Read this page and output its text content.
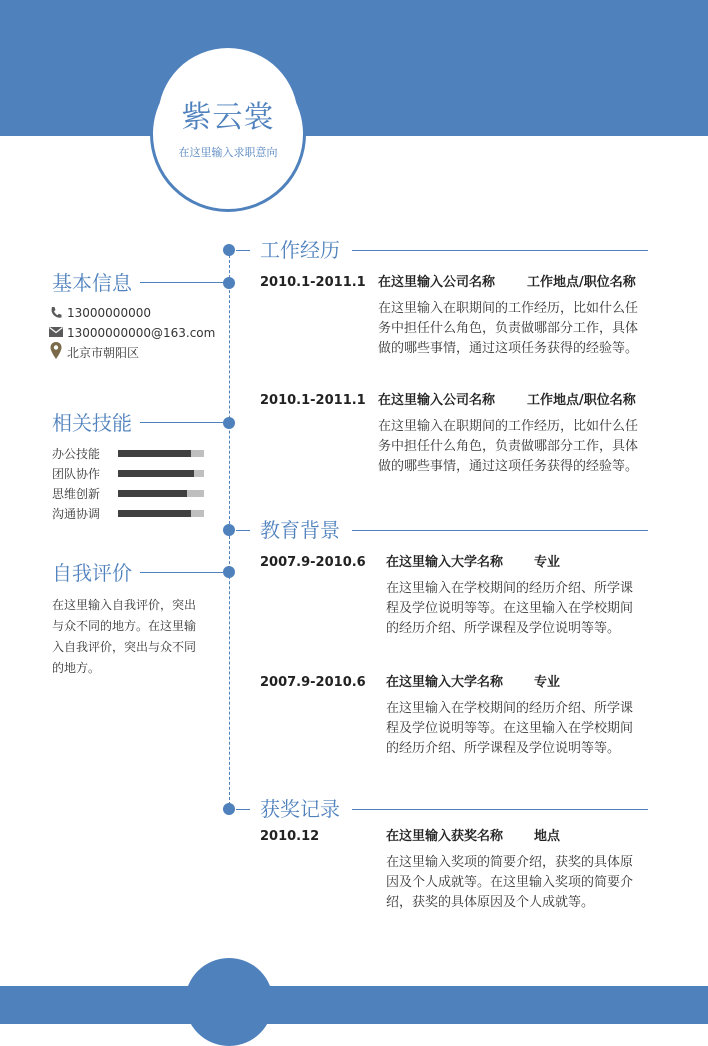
紫云裳
在这里输入求职意向
工作经历
2010.1-2011.1 在这里输入公司名称 工作地点/职位名称
在这里输入在职期间的工作经历，比如什么任务中担任什么角色，负责做哪部分工作，具体做的哪些事情，通过这项任务获得的经验等。
2010.1-2011.1 在这里输入公司名称 工作地点/职位名称
在这里输入在职期间的工作经历，比如什么任务中担任什么角色，负责做哪部分工作，具体做的哪些事情，通过这项任务获得的经验等。
基本信息
13000000000
13000000000@163.com
北京市朝阳区
相关技能
办公技能
团队协作
思维创新
沟通协调
教育背景
2007.9-2010.6 在这里输入大学名称 专业
在这里输入在学校期间的经历介绍、所学课程及学位说明等等。在这里输入在学校期间的经历介绍、所学课程及学位说明等等。
2007.9-2010.6 在这里输入大学名称 专业
在这里输入在学校期间的经历介绍、所学课程及学位说明等等。在这里输入在学校期间的经历介绍、所学课程及学位说明等等。
自我评价
在这里输入自我评价，突出与众不同的地方。在这里输入自我评价，突出与众不同的地方。
获奖记录
2010.12	在这里输入获奖名称 地点
在这里输入奖项的简要介绍，获奖的具体原因及个人成就等。在这里输入奖项的简要介绍，获奖的具体原因及个人成就等。
